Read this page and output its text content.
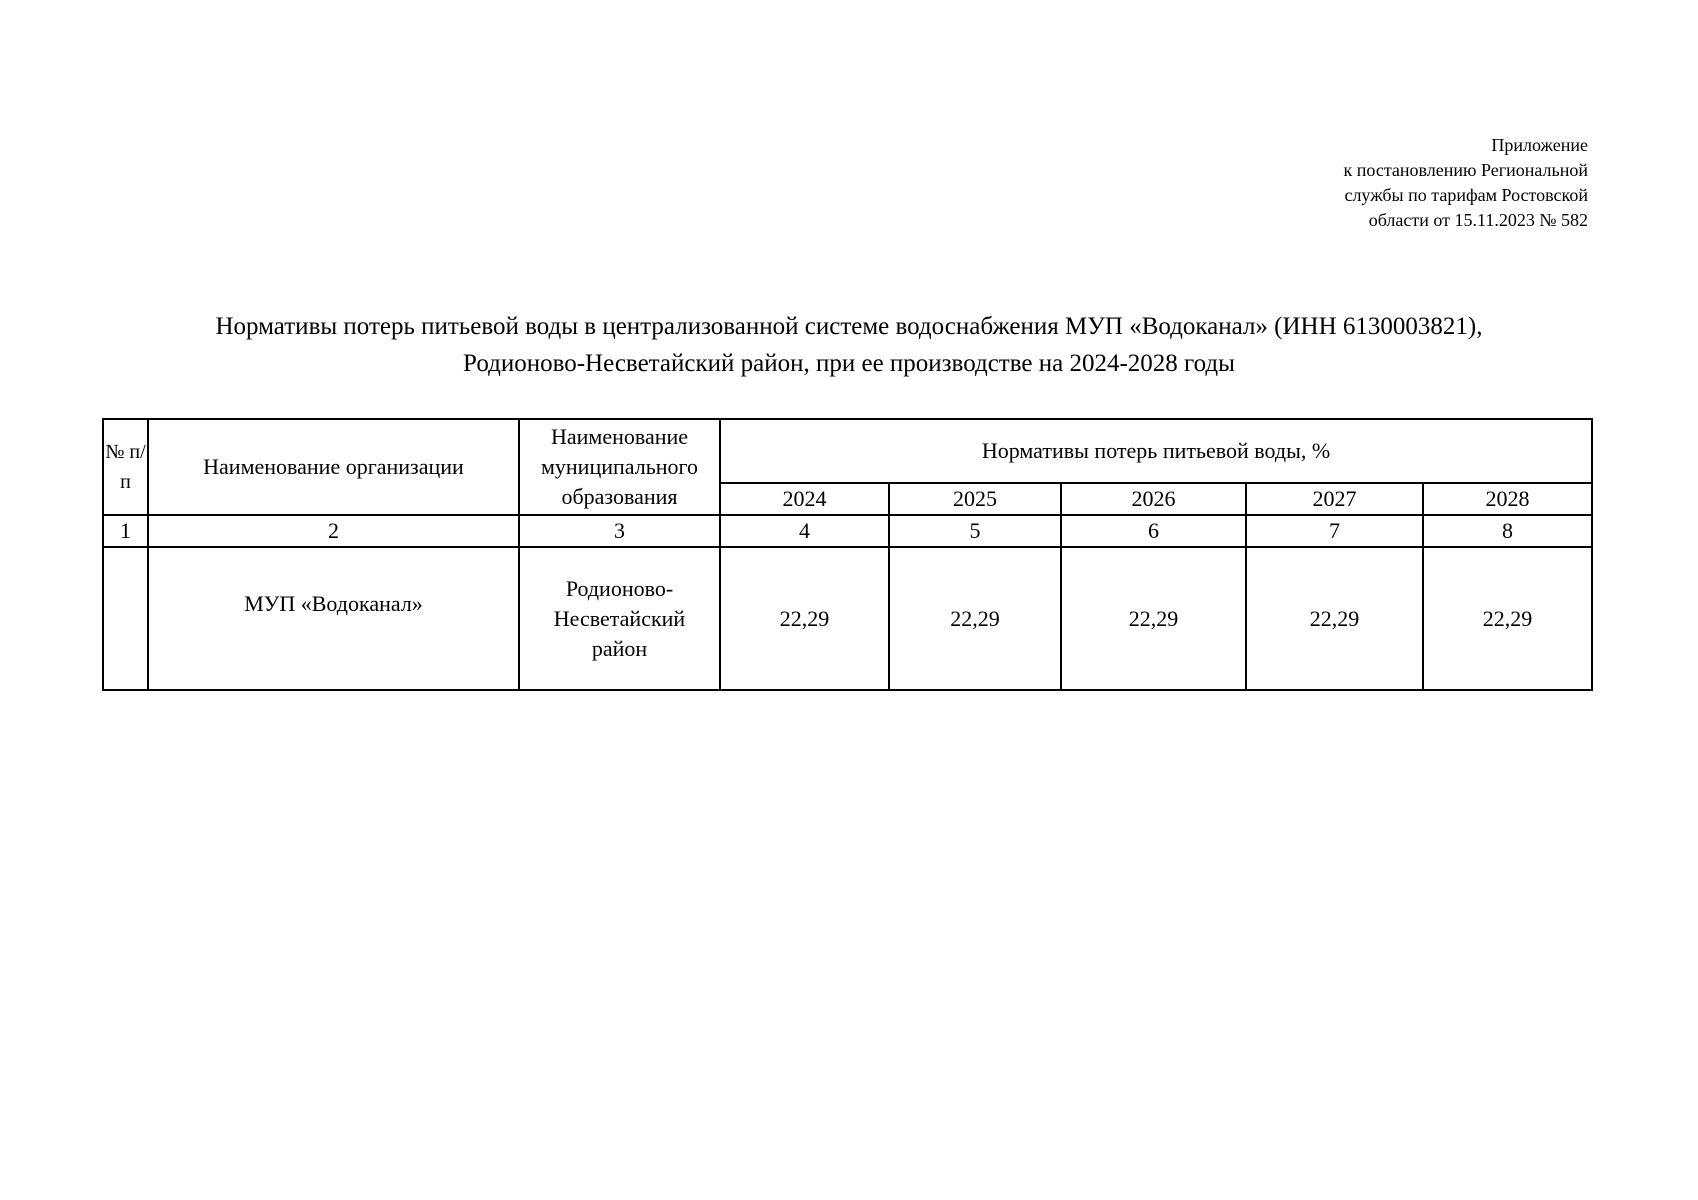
Приложение
к постановлению Региональной
службы по тарифам Ростовской
области от 15.11.2023 № 582
Нормативы потерь питьевой воды в централизованной системе водоснабжения МУП «Водоканал» (ИНН 6130003821),
Родионово-Несветайский район, при ее производстве на 2024-2028 годы
№ п/п	Наименование организации	Наименование муниципального образования	Нормативы потерь питьевой воды, %				
			2024	2025	2026	2027	2028
1	2	3	4	5	6	7	8
	МУП «Водоканал»	Родионово-Несветайский район	22,29	22,29	22,29	22,29	22,29
